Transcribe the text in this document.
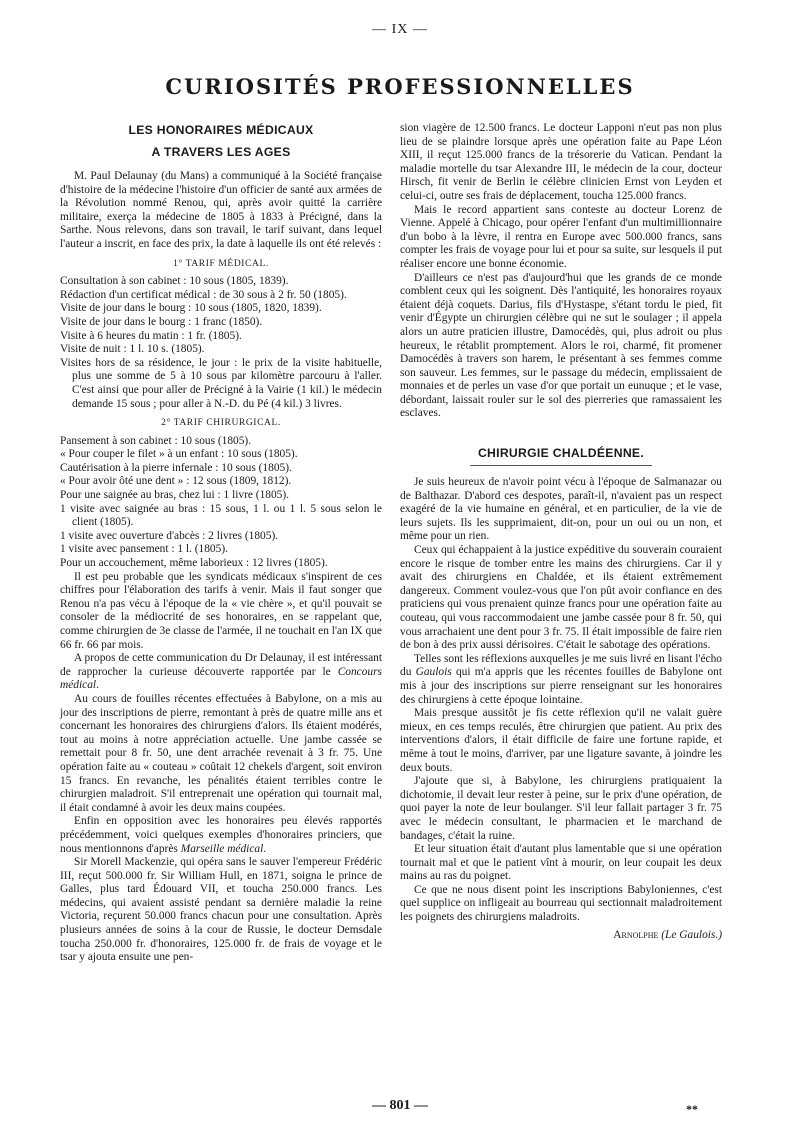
— IX —
CURIOSITÉS PROFESSIONNELLES
LES HONORAIRES MÉDICAUX
A TRAVERS LES AGES

M. Paul Delaunay (du Mans) a communiqué à la Société française d'histoire de la médecine l'histoire d'un officier de santé aux armées de la Révolution nommé Renou, qui, après avoir quitté la carrière militaire, exerça la médecine de 1805 à 1833 à Précigné, dans la Sarthe. Nous relevons, dans son travail, le tarif suivant, dans lequel l'auteur a inscrit, en face des prix, la date à laquelle ils ont été relevés :

1° TARIF MÉDICAL.
Consultation à son cabinet : 10 sous (1805, 1839).
Rédaction d'un certificat médical : de 30 sous à 2 fr. 50 (1805).
Visite de jour dans le bourg : 10 sous (1805, 1820, 1839).
Visite de jour dans le bourg : 1 franc (1850).
Visite à 6 heures du matin : 1 fr. (1805).
Visite de nuit : 1 l. 10 s. (1805).
Visites hors de sa résidence, le jour : le prix de la visite habituelle, plus une somme de 5 à 10 sous par kilomètre parcouru à l'aller. C'est ainsi que pour aller de Précigné à la Vairie (1 kil.) le médecin demande 15 sous ; pour aller à N.-D. du Pé (4 kil.) 3 livres.
2° TARIF CHIRURGICAL.
Pansement à son cabinet : 10 sous (1805).
« Pour couper le filet » à un enfant : 10 sous (1805).
Cautérisation à la pierre infernale : 10 sous (1805).
« Pour avoir ôté une dent » : 12 sous (1809, 1812).
Pour une saignée au bras, chez lui : 1 livre (1805).
1 visite avec saignée au bras : 15 sous, 1 l. ou 1 l. 5 sous selon le client (1805).
1 visite avec ouverture d'abcès : 2 livres (1805).
1 visite avec pansement : 1 l. (1805).
Pour un accouchement, même laborieux : 12 livres (1805).

Il est peu probable que les syndicats médicaux s'inspirent de ces chiffres pour l'élaboration des tarifs à venir. Mais il faut songer que Renou n'a pas vécu à l'époque de la « vie chère », et qu'il pouvait se consoler de la médiocrité de ses honoraires, en se rappelant que, comme chirurgien de 3e classe de l'armée, il ne touchait en l'an IX que 66 fr. 66 par mois.

A propos de cette communication du Dr Delaunay, il est intéressant de rapprocher la curieuse découverte rapportée par le Concours médical.

Au cours de fouilles récentes effectuées à Babylone, on a mis au jour des inscriptions de pierre, remontant à près de quatre mille ans et concernant les honoraires des chirurgiens d'alors. Ils étaient modérés, tout au moins à notre appréciation actuelle. Une jambe cassée se remettait pour 8 fr. 50, une dent arrachée revenait à 3 fr. 75. Une opération faite au « couteau » coûtait 12 chekels d'argent, soit environ 15 francs. En revanche, les pénalités étaient terribles contre le chirurgien maladroit. S'il entreprenait une opération qui tournait mal, il était condamné à avoir les deux mains coupées.

Enfin en opposition avec les honoraires peu élevés rapportés précédemment, voici quelques exemples d'honoraires princiers, que nous mentionnons d'après Marseille médical.

Sir Morell Mackenzie, qui opéra sans le sauver l'empereur Frédéric III, reçut 500.000 fr. Sir William Hull, en 1871, soigna le prince de Galles, plus tard Édouard VII, et toucha 250.000 francs. Les médecins, qui avaient assisté pendant sa dernière maladie la reine Victoria, reçurent 50.000 francs chacun pour une consultation. Après plusieurs années de soins à la cour de Russie, le docteur Demsdale toucha 250.000 fr. d'honoraires, 125.000 fr. de frais de voyage et le tsar y ajouta ensuite une pen-

sion viagère de 12.500 francs. Le docteur Lapponi n'eut pas non plus lieu de se plaindre lorsque après une opération faite au Pape Léon XIII, il reçut 125.000 francs de la trésorerie du Vatican. Pendant la maladie mortelle du tsar Alexandre III, le médecin de la cour, docteur Hirsch, fit venir de Berlin le célèbre clinicien Ernst von Leyden et celui-ci, outre ses frais de déplacement, toucha 125.000 francs.

Mais le record appartient sans conteste au docteur Lorenz de Vienne. Appelé à Chicago, pour opérer l'enfant d'un multimillionnaire d'un bobo à la lèvre, il rentra en Europe avec 500.000 francs, sans compter les frais de voyage pour lui et pour sa suite, sur lesquels il put réaliser encore une bonne économie.

D'ailleurs ce n'est pas d'aujourd'hui que les grands de ce monde comblent ceux qui les soignent. Dès l'antiquité, les honoraires royaux étaient déjà coquets. Darius, fils d'Hystaspe, s'étant tordu le pied, fit venir d'Égypte un chirurgien célèbre qui ne sut le soulager ; il appela alors un autre praticien illustre, Damocédès, qui, plus adroit ou plus heureux, le rétablit promptement. Alors le roi, charmé, fit promener Damocédès à travers son harem, le présentant à ses femmes comme son sauveur. Les femmes, sur le passage du médecin, emplissaient de monnaies et de perles un vase d'or que portait un eunuque ; et le vase, débordant, laissait rouler sur le sol des pierreries que ramassaient les esclaves.

CHIRURGIE CHALDÉENNE.

Je suis heureux de n'avoir point vécu à l'époque de Salmanazar ou de Balthazar. D'abord ces despotes, paraît-il, n'avaient pas un respect exagéré de la vie humaine en général, et en particulier, de la vie de leurs sujets. Ils les supprimaient, dit-on, pour un oui ou un non, et même pour un rien.

Ceux qui échappaient à la justice expéditive du souverain couraient encore le risque de tomber entre les mains des chirurgiens. Car il y avait des chirurgiens en Chaldée, et ils étaient extrêmement dangereux. Comment voulez-vous que l'on pût avoir confiance en des praticiens qui vous prenaient quinze francs pour une opération faite au couteau, qui vous raccommodaient une jambe cassée pour 8 fr. 50, qui vous arrachaient une dent pour 3 fr. 75. Il était impossible de faire rien de bon à des prix aussi dérisoires. C'était le sabotage des opérations.

Telles sont les réflexions auxquelles je me suis livré en lisant l'écho du Gaulois qui m'a appris que les récentes fouilles de Babylone ont mis à jour des inscriptions sur pierre renseignant sur les honoraires des chirurgiens à cette époque lointaine.

Mais presque aussitôt je fis cette réflexion qu'il ne valait guère mieux, en ces temps reculés, être chirurgien que patient. Au prix des interventions d'alors, il était difficile de faire une fortune rapide, et même à tout le moins, d'arriver, par une ligature savante, à joindre les deux bouts.

J'ajoute que si, à Babylone, les chirurgiens pratiquaient la dichotomie, il devait leur rester à peine, sur le prix d'une opération, de quoi payer la note de leur boulanger. S'il leur fallait partager 3 fr. 75 avec le médecin consultant, le pharmacien et le marchand de bandages, c'était la ruine.

Et leur situation était d'autant plus lamentable que si une opération tournait mal et que le patient vînt à mourir, on leur coupait les deux mains au ras du poignet.

Ce que ne nous disent point les inscriptions Babyloniennes, c'est quel supplice on infligeait au bourreau qui sectionnait maladroitement les poignets des chirurgiens maladroits.

Arnolphe (Le Gaulois.)

— 801 —	**
